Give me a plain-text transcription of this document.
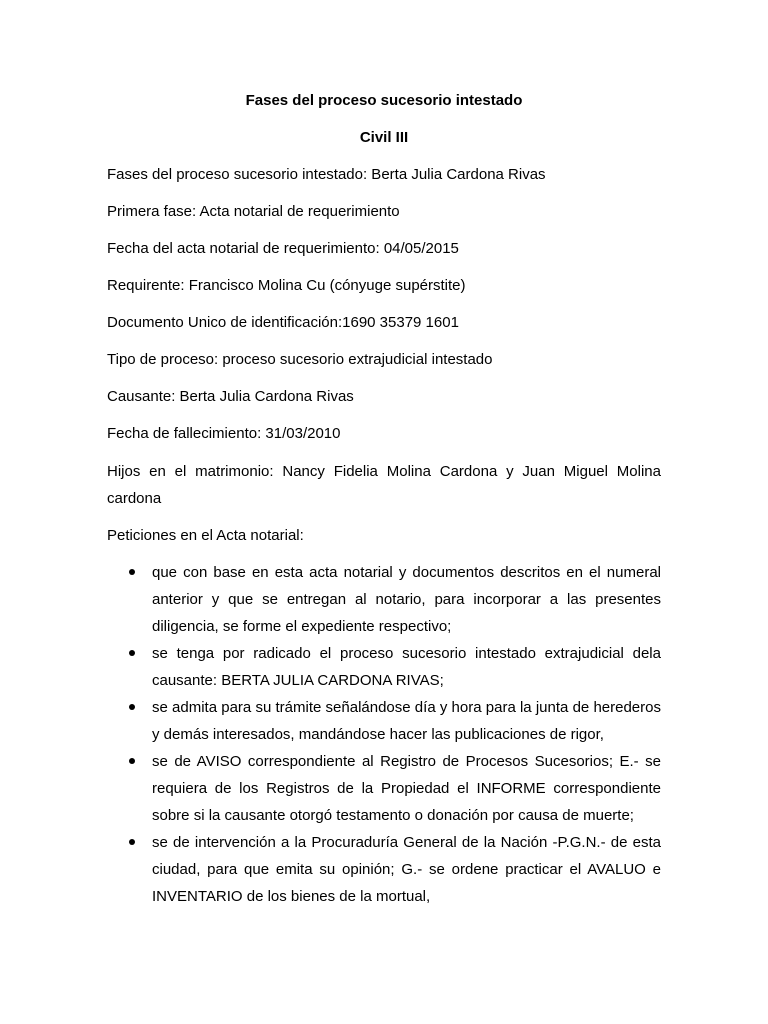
Fases del proceso sucesorio intestado
Civil III

Fases del proceso sucesorio intestado: Berta Julia Cardona Rivas

Primera fase: Acta notarial de requerimiento

Fecha del acta notarial de requerimiento: 04/05/2015

Requirente: Francisco Molina Cu (cónyuge supérstite)

Documento Unico de identificación:1690 35379 1601

Tipo de proceso: proceso sucesorio extrajudicial intestado

Causante: Berta Julia Cardona Rivas

Fecha de fallecimiento: 31/03/2010

Hijos en el matrimonio: Nancy Fidelia Molina Cardona y Juan Miguel Molina cardona

Peticiones en el Acta notarial:

que con base en esta acta notarial y documentos descritos en el numeral anterior y que se entregan al notario, para incorporar a las presentes diligencia, se forme el expediente respectivo;
se tenga por radicado el proceso sucesorio intestado extrajudicial dela causante: BERTA JULIA CARDONA RIVAS;
se admita para su trámite señalándose día y hora para la junta de herederos y demás interesados, mandándose hacer las publicaciones de rigor,
se de AVISO correspondiente al Registro de Procesos Sucesorios; E.- se requiera de los Registros de la Propiedad el INFORME correspondiente sobre si la causante otorgó testamento o donación por causa de muerte;
se de intervención a la Procuraduría General de la Nación -P.G.N.- de esta ciudad, para que emita su opinión; G.- se ordene practicar el AVALUO e INVENTARIO de los bienes de la mortual,
